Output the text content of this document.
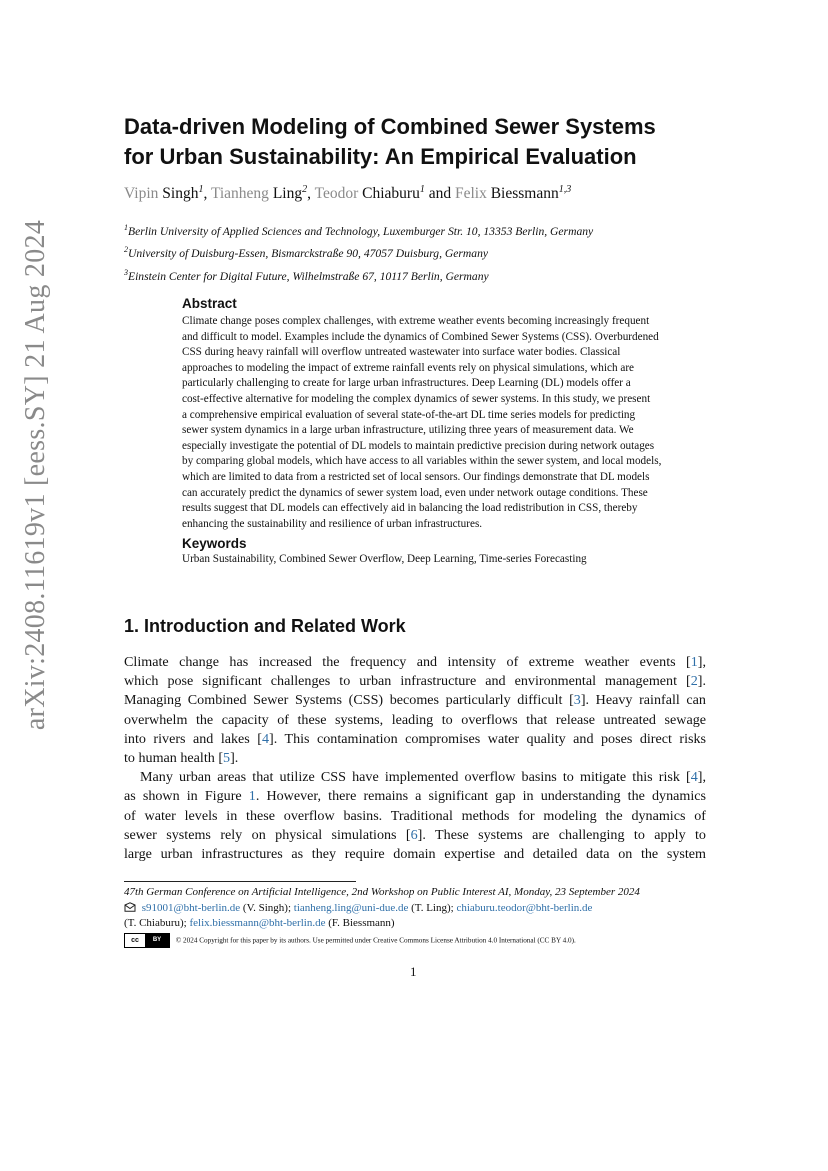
arXiv:2408.11619v1 [eess.SY] 21 Aug 2024
Data-driven Modeling of Combined Sewer Systems
for Urban Sustainability: An Empirical Evaluation
Vipin Singh$^1$, Tianheng Ling$^2$, Teodor Chiaburu$^1$ and Felix Biessmann$^{1,3}$
$^1$Berlin University of Applied Sciences and Technology, Luxemburger Str. 10, 13353 Berlin, Germany
$^2$University of Duisburg-Essen, Bismarckstraße 90, 47057 Duisburg, Germany
$^3$Einstein Center for Digital Future, Wilhelmstraße 67, 10117 Berlin, Germany
Abstract
Climate change poses complex challenges, with extreme weather events becoming increasingly frequent
and difficult to model. Examples include the dynamics of Combined Sewer Systems (CSS). Overburdened
CSS during heavy rainfall will overflow untreated wastewater into surface water bodies. Classical
approaches to modeling the impact of extreme rainfall events rely on physical simulations, which are
particularly challenging to create for large urban infrastructures. Deep Learning (DL) models offer a
cost-effective alternative for modeling the complex dynamics of sewer systems. In this study, we present
a comprehensive empirical evaluation of several state-of-the-art DL time series models for predicting
sewer system dynamics in a large urban infrastructure, utilizing three years of measurement data. We
especially investigate the potential of DL models to maintain predictive precision during network outages
by comparing global models, which have access to all variables within the sewer system, and local models,
which are limited to data from a restricted set of local sensors. Our findings demonstrate that DL models
can accurately predict the dynamics of sewer system load, even under network outage conditions. These
results suggest that DL models can effectively aid in balancing the load redistribution in CSS, thereby
enhancing the sustainability and resilience of urban infrastructures.
Keywords
Urban Sustainability, Combined Sewer Overflow, Deep Learning, Time-series Forecasting
1. Introduction and Related Work
Climate change has increased the frequency and intensity of extreme weather events [1],
which pose significant challenges to urban infrastructure and environmental management [2].
Managing Combined Sewer Systems (CSS) becomes particularly difficult [3]. Heavy rainfall can
overwhelm the capacity of these systems, leading to overflows that release untreated sewage
into rivers and lakes [4]. This contamination compromises water quality and poses direct risks
to human health [5].
Many urban areas that utilize CSS have implemented overflow basins to mitigate this risk [4],
as shown in Figure 1. However, there remains a significant gap in understanding the dynamics
of water levels in these overflow basins. Traditional methods for modeling the dynamics of
sewer systems rely on physical simulations [6]. These systems are challenging to apply to
large urban infrastructures as they require domain expertise and detailed data on the system
47th German Conference on Artificial Intelligence, 2nd Workshop on Public Interest AI, Monday, 23 September 2024
s91001@bht-berlin.de (V. Singh); tianheng.ling@uni-due.de (T. Ling); chiaburu.teodor@bht-berlin.de
(T. Chiaburu); felix.biessmann@bht-berlin.de (F. Biessmann)
cc	BY	© 2024 Copyright for this paper by its authors. Use permitted under Creative Commons License Attribution 4.0 International (CC BY 4.0).
1
